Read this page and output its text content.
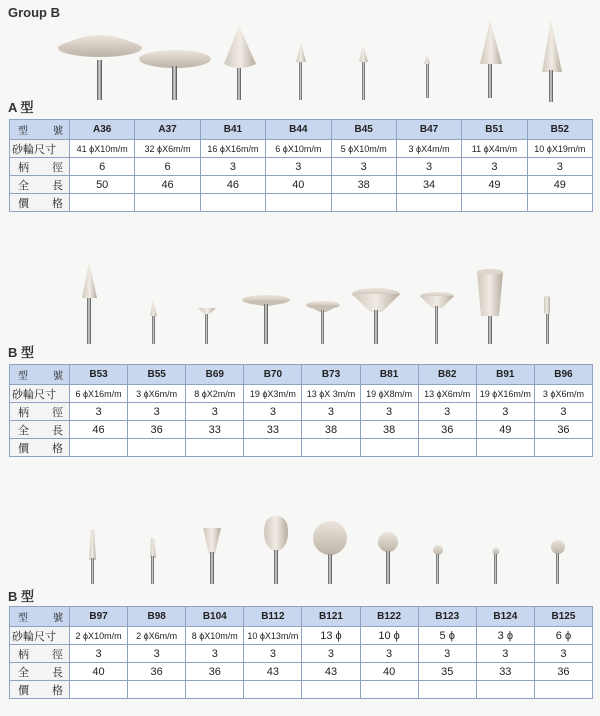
Group B
A 型
型 號	A36	A37	B41	B44	B45	B47	B51	B52
砂輪尺寸	41 ϕX10m/m	32 ϕX6m/m	16 ϕX16m/m	6 ϕX10m/m	5 ϕX10m/m	3 ϕX4m/m	11 ϕX4m/m	10 ϕX19m/m

柄 徑	6	6	3	3	3	3	3	3

全 長	50	46	46	40	38	34	49	49

價 格								

B 型
型 號	B53	B55	B69	B70	B73	B81	B82	B91	B96
砂輪尺寸	6 ϕX16m/m	3 ϕX6m/m	8 ϕX2m/m	19 ϕX3m/m	13 ϕX 3m/m	19 ϕX8m/m	13 ϕX6m/m	19 ϕX16m/m	3 ϕX6m/m

柄 徑	3	3	3	3	3	3	3	3	3

全 長	46	36	33	33	38	38	36	49	36

價 格									

B 型
型 號	B97	B98	B104	B112	B121	B122	B123	B124	B125
砂輪尺寸	2 ϕX10m/m	2 ϕX6m/m	8 ϕX10m/m	10 ϕX13m/m	13 ϕ	10 ϕ	5 ϕ	3 ϕ	6 ϕ

柄 徑	3	3	3	3	3	3	3	3	3

全 長	40	36	36	43	43	40	35	33	36

價 格									
